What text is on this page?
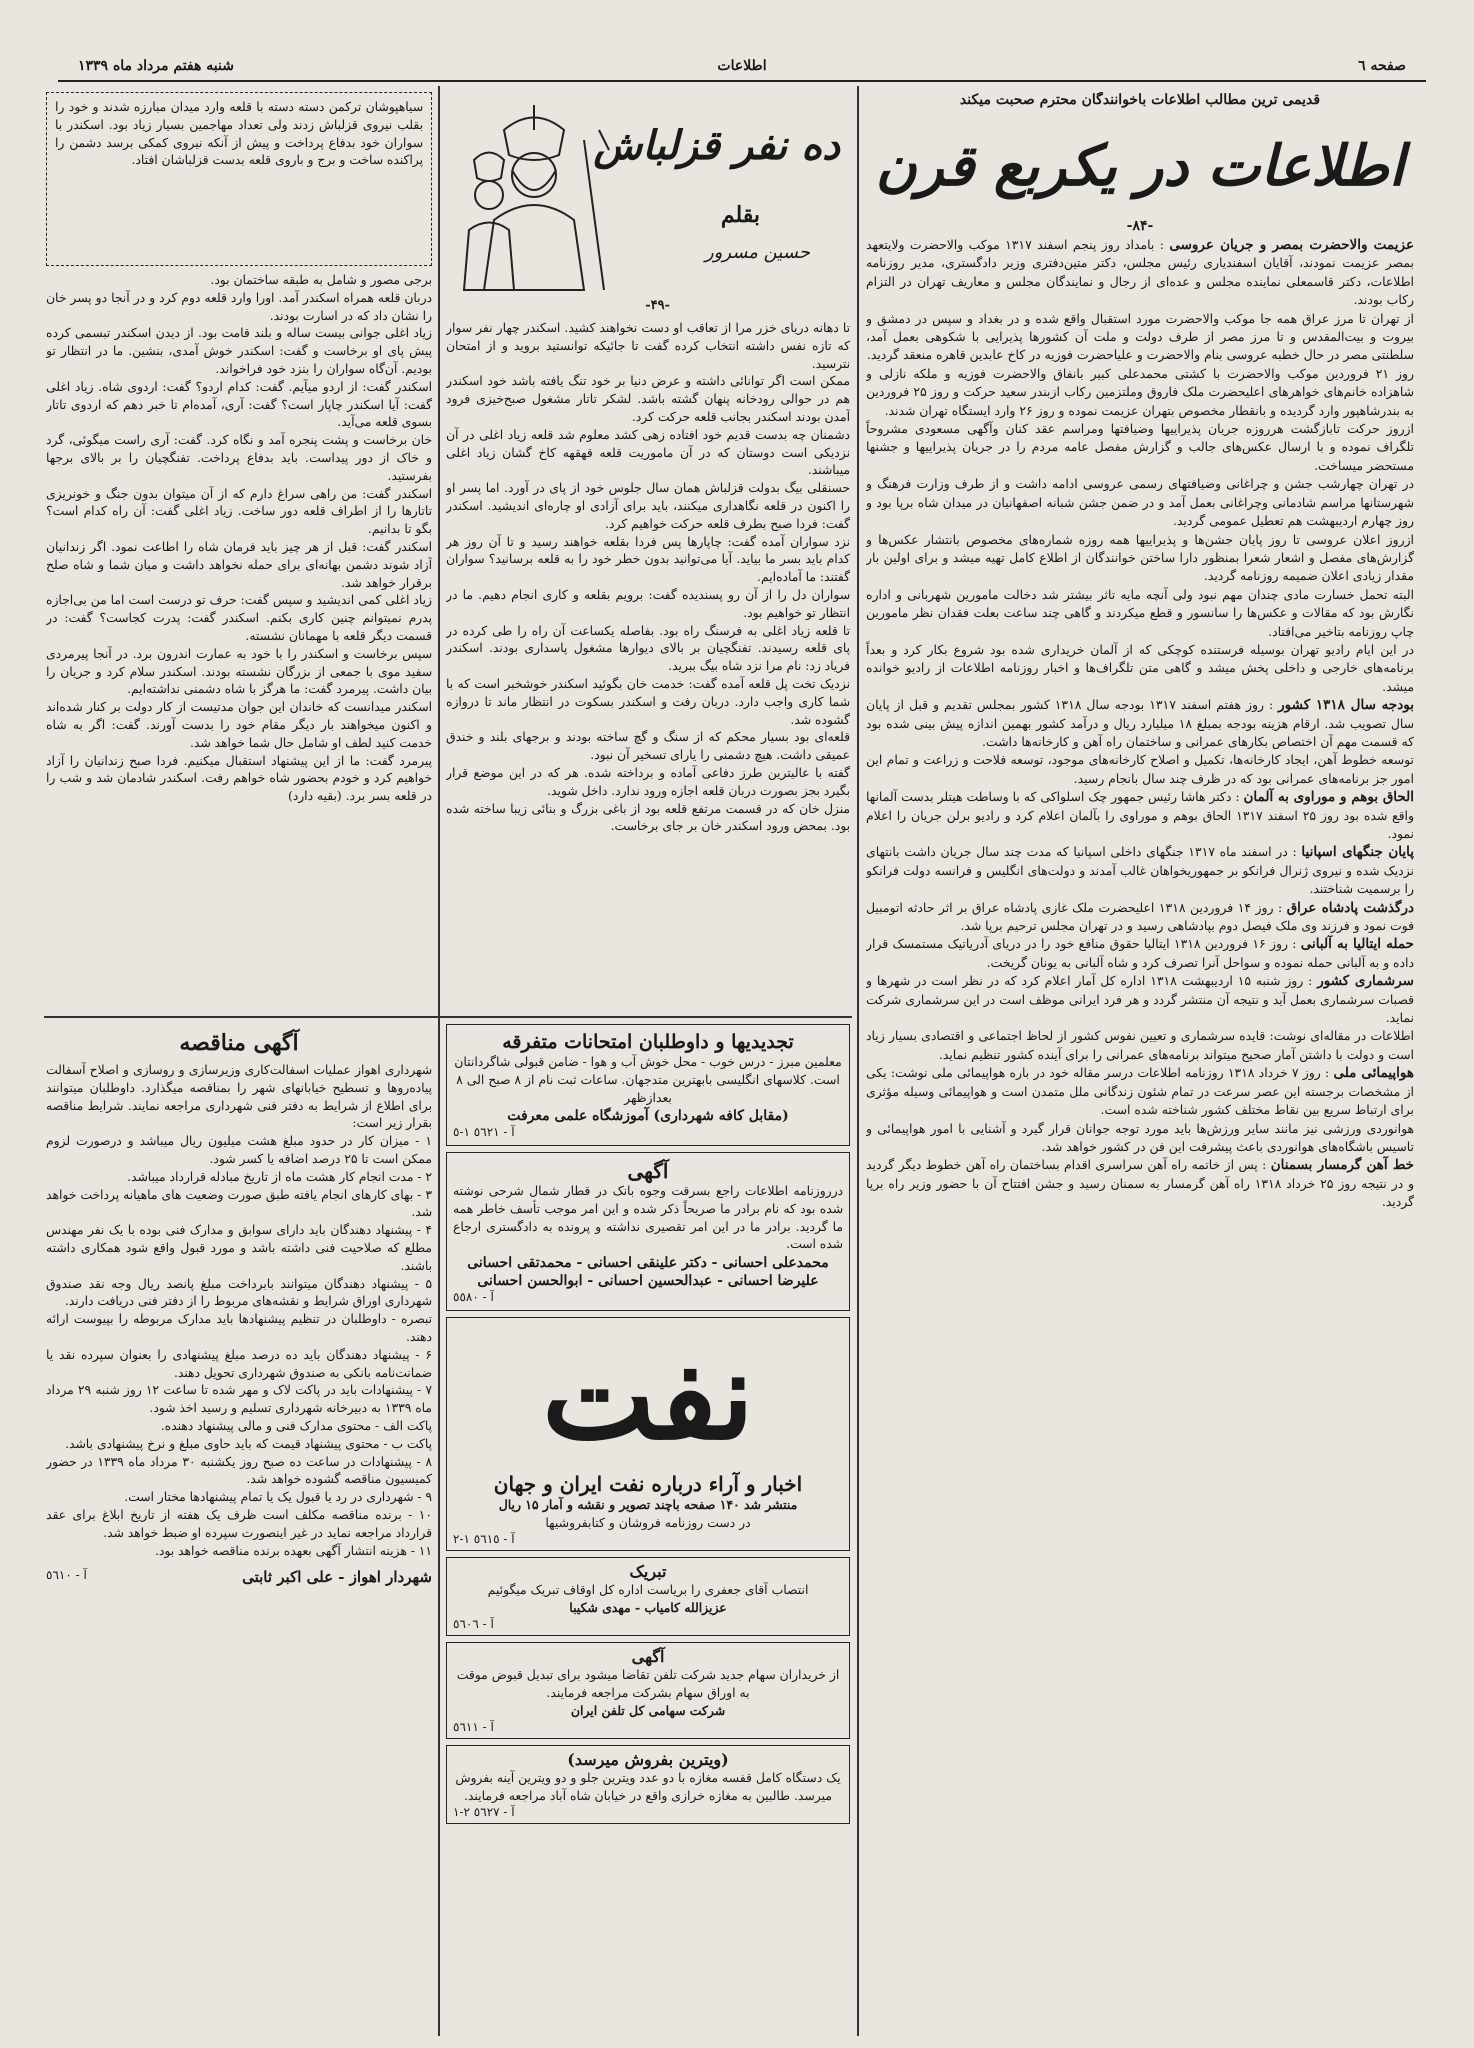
صفحه ٦
اطلاعات
شنبه هفتم مرداد ماه ۱۳۳۹
قدیمی ترین مطالب اطلاعات باخوانندگان محترم صحبت میکند
اطلاعات در یکربع قرن
-۸۴-

عزیمت والاحضرت بمصر و جریان عروسی : بامداد روز پنجم اسفند ۱۳۱۷ موکب والاحضرت ولایتعهد بمصر عزیمت نمودند، آقایان اسفندیاری رئیس مجلس، دکتر متین‌دفتری وزیر دادگستری، مدیر روزنامه اطلاعات، دکتر قاسمعلی نماینده مجلس و عده‌ای از رجال و نمایندگان مجلس و معاریف تهران در التزام رکاب بودند.

از تهران تا مرز عراق همه جا موکب والاحضرت مورد استقبال واقع شده و در بغداد و سپس در دمشق و بیروت و بیت‌المقدس و تا مرز مصر از طرف دولت و ملت آن کشورها پذیرایی با شکوهی بعمل آمد، سلطنتی مصر در حال خطبه عروسی بنام والاحضرت و علیاحضرت فوزیه در کاخ عابدین قاهره منعقد گردید.

روز ۲۱ فروردین موکب والاحضرت با کشتی محمدعلی کبیر بانفاق والاحضرت فوزیه و ملکه نازلی و شاهزاده خانم‌های خواهرهای اعلیحضرت ملک فاروق وملتزمین رکاب ازبندر سعید حرکت و روز ۲۵ فروردین به بندرشاهپور وارد گردیده و بانقطار مخصوص بتهران عزیمت نموده و روز ۲۶ وارد ایستگاه تهران شدند.

ازروز حرکت تابازگشت هرروزه جریان پذیراییها وضیافتها ومراسم عقد کنان وآگهی مسعودی مشروحاً تلگراف نموده و با ارسال عکس‌های جالب و گزارش مفصل عامه مردم را در جریان پذیراییها و جشنها مستحضر میساخت.

در تهران چهارشب جشن و چراغانی وضیافتهای رسمی عروسی ادامه داشت و از طرف وزارت فرهنگ و شهرستانها مراسم شادمانی وچراغانی بعمل آمد و در ضمن جشن شبانه اصفهانیان در میدان شاه برپا بود و روز چهارم اردیبهشت هم تعطیل عمومی گردید.

ازروز اعلان عروسی تا روز پایان جشن‌ها و پذیراییها همه روزه شماره‌های مخصوص بانتشار عکس‌ها و گزارش‌های مفصل و اشعار شعرا بمنظور دارا ساختن خوانندگان از اطلاع کامل تهیه میشد و برای اولین بار مقدار زیادی اعلان ضمیمه روزنامه گردید.

البته تحمل خسارت مادی چندان مهم نبود ولی آنچه مایه تاثر بیشتر شد دخالت مامورین شهربانی و اداره نگارش بود که مقالات و عکس‌ها را سانسور و قطع میکردند و گاهی چند ساعت بعلت فقدان نظر مامورین چاپ روزنامه بتاخیر می‌افتاد.

در این ایام رادیو تهران بوسیله فرستنده کوچکی که از آلمان خریداری شده بود شروع بکار کرد و بعداً برنامه‌های خارجی و داخلی پخش میشد و گاهی متن تلگراف‌ها و اخبار روزنامه اطلاعات از رادیو خوانده میشد.

بودجه سال ۱۳۱۸ کشور : روز هفتم اسفند ۱۳۱۷ بودجه سال ۱۳۱۸ کشور بمجلس تقدیم و قبل از پایان سال تصویب شد. ارقام هزینه بودجه بمبلغ ۱۸ میلیارد ریال و درآمد کشور بهمین اندازه پیش بینی شده بود که قسمت مهم آن اختصاص بکارهای عمرانی و ساختمان راه آهن و کارخانه‌ها داشت.

توسعه خطوط آهن، ایجاد کارخانه‌ها، تکمیل و اصلاح کارخانه‌های موجود، توسعه فلاحت و زراعت و تمام این امور جز برنامه‌های عمرانی بود که در ظرف چند سال بانجام رسید.

الحاق بوهم و موراوی به آلمان : دکتر هاشا رئیس جمهور چک اسلواکی که با وساطت هیتلر بدست آلمانها واقع شده بود روز ۲۵ اسفند ۱۳۱۷ الحاق بوهم و موراوی را بآلمان اعلام کرد و رادیو برلن جریان را اعلام نمود.

پایان جنگهای اسپانیا : در اسفند ماه ۱۳۱۷ جنگهای داخلی اسپانیا که مدت چند سال جریان داشت بانتهای نزدیک شده و نیروی ژنرال فرانکو بر جمهوریخواهان غالب آمدند و دولت‌های انگلیس و فرانسه دولت فرانکو را برسمیت شناختند.

درگذشت پادشاه عراق : روز ۱۴ فروردین ۱۳۱۸ اعلیحضرت ملک غازی پادشاه عراق بر اثر حادثه اتومبیل فوت نمود و فرزند وی ملک فیصل دوم بپادشاهی رسید و در تهران مجلس ترحیم برپا شد.

حمله ایتالیا به آلبانی : روز ۱۶ فروردین ۱۳۱۸ ایتالیا حقوق منافع خود را در دریای آدریاتیک مستمسک قرار داده و به آلبانی حمله نموده و سواحل آنرا تصرف کرد و شاه آلبانی به یونان گریخت.

سرشماری کشور : روز شنبه ۱۵ اردیبهشت ۱۳۱۸ اداره کل آمار اعلام کرد که در نظر است در شهرها و قصبات سرشماری بعمل آید و نتیجه آن منتشر گردد و هر فرد ایرانی موظف است در این سرشماری شرکت نماید.

اطلاعات در مقاله‌ای نوشت: قایده سرشماری و تعیین نفوس کشور از لحاظ اجتماعی و اقتصادی بسیار زیاد است و دولت با داشتن آمار صحیح میتواند برنامه‌های عمرانی را برای آینده کشور تنظیم نماید.

هواپیمائی ملی : روز ۷ خرداد ۱۳۱۸ روزنامه اطلاعات درسر مقاله خود در باره هواپیمائی ملی نوشت: یکی از مشخصات برجسته این عصر سرعت در تمام شئون زندگانی ملل متمدن است و هواپیمائی وسیله مؤثری برای ارتباط سریع بین نقاط مختلف کشور شناخته شده است.

هوانوردی ورزشی نیز مانند سایر ورزش‌ها باید مورد توجه جوانان قرار گیرد و آشنایی با امور هواپیمائی و تاسیس باشگاه‌های هوانوردی باعث پیشرفت این فن در کشور خواهد شد.

خط آهن گرمسار بسمنان : پس از خاتمه راه آهن سراسری اقدام بساختمان راه آهن خطوط دیگر گردید و در نتیجه روز ۲۵ خرداد ۱۳۱۸ راه آهن گرمسار به سمنان رسید و جشن افتتاح آن با حضور وزیر راه برپا گردید.

ده نفر قزلباش
بقلم
حسین مسرور
-۴۹-

تا دهانه دریای خزر مرا از تعاقب او دست نخواهند کشید. اسکندر چهار نفر سوار که تازه نفس داشته انتخاب کرده گفت تا جائیکه توانستید بروید و از امتحان نترسید.

ممکن است اگر توانائی داشته و عرض دنیا بر خود تنگ یافته باشد خود اسکندر هم در حوالی رودخانه پنهان گشته باشد. لشکر تاتار مشغول صبح‌خیزی فرود آمدن بودند اسکندر بجانب قلعه حرکت کرد.

دشمنان چه بدست قدیم خود افتاده زهی کشد معلوم شد قلعه زیاد اغلی در آن نزدیکی است دوستان که در آن ماموریت قلعه قهقهه کاخ گشان زیاد اغلی میباشند.

حسنقلی بیگ بدولت قزلباش همان سال جلوس خود از پای در آورد. اما پسر او را اکنون در قلعه نگاهداری میکنند، باید برای آزادی او چاره‌ای اندیشید. اسکندر گفت: فردا صبح بطرف قلعه حرکت خواهیم کرد.

نزد سواران آمده گفت: چاپارها پس فردا بقلعه خواهند رسید و تا آن روز هر کدام باید بسر ما بیاید. آیا می‌توانید بدون خطر خود را به قلعه برسانید؟ سواران گفتند: ما آماده‌ایم.

سواران دل را از آن رو پسندیده گفت: برویم بقلعه و کاری انجام دهیم. ما در انتظار تو خواهیم بود.

تا قلعه زیاد اغلی به فرسنگ راه بود. بفاصله یکساعت آن راه را طی کرده در پای قلعه رسیدند. تفنگچیان بر بالای دیوارها مشغول پاسداری بودند. اسکندر فریاد زد: نام مرا نزد شاه بیگ ببرید.

نزدیک تخت پل قلعه آمده گفت: خدمت خان بگوئید اسکندر خوشخبر است که با شما کاری واجب دارد. دربان رفت و اسکندر بسکوت در انتظار ماند تا دروازه گشوده شد.

قلعه‌ای بود بسیار محکم که از سنگ و گچ ساخته بودند و برجهای بلند و خندق عمیقی داشت. هیچ دشمنی را یارای تسخیر آن نبود.

گفته با عالیترین طرز دفاعی آماده و برداخته شده. هر که در این موضع قرار بگیرد بجز بصورت دربان قلعه اجازه ورود ندارد. داخل شوید.

منزل خان که در قسمت مرتفع قلعه بود از باغی بزرگ و بنائی زیبا ساخته شده بود. بمحض ورود اسکندر خان بر جای برخاست.

سیاهپوشان ترکمن دسته دسته با قلعه وارد میدان مبارزه شدند و خود را بقلب نیروی قزلباش زدند ولی تعداد مهاجمین بسیار زیاد بود. اسکندر با سواران خود بدفاع پرداخت و پیش از آنکه نیروی کمکی برسد دشمن را پراکنده ساخت و برج و باروی قلعه بدست قزلباشان افتاد.

برجی مصور و شامل به طبقه ساختمان بود.

دربان قلعه همراه اسکندر آمد. اورا وارد قلعه دوم کرد و در آنجا دو پسر خان را نشان داد که در اسارت بودند.

زیاد اغلی جوانی بیست ساله و بلند قامت بود. از دیدن اسکندر تبسمی کرده پیش پای او برخاست و گفت: اسکندر خوش آمدی، بنشین. ما در انتظار تو بودیم. آن‌گاه سواران را بنزد خود فراخواند.

اسکندر گفت: از اردو میآیم. گفت: کدام اردو؟ گفت: اردوی شاه. زیاد اغلی گفت: آیا اسکندر چاپار است؟ گفت: آری، آمده‌ام تا خبر دهم که اردوی تاتار بسوی قلعه می‌آید.

خان برخاست و پشت پنجره آمد و نگاه کرد. گفت: آری راست میگوئی، گرد و خاک از دور پیداست. باید بدفاع پرداخت. تفنگچیان را بر بالای برجها بفرستید.

اسکندر گفت: من راهی سراغ دارم که از آن میتوان بدون جنگ و خونریزی تاتارها را از اطراف قلعه دور ساخت. زیاد اغلی گفت: آن راه کدام است؟ بگو تا بدانیم.

اسکندر گفت: قبل از هر چیز باید فرمان شاه را اطاعت نمود. اگر زندانیان آزاد شوند دشمن بهانه‌ای برای حمله نخواهد داشت و میان شما و شاه صلح برقرار خواهد شد.

زیاد اغلی کمی اندیشید و سپس گفت: حرف تو درست است اما من بی‌اجازه پدرم نمیتوانم چنین کاری بکنم. اسکندر گفت: پدرت کجاست؟ گفت: در قسمت دیگر قلعه با مهمانان نشسته.

سپس برخاست و اسکندر را با خود به عمارت اندرون برد. در آنجا پیرمردی سفید موی با جمعی از بزرگان نشسته بودند. اسکندر سلام کرد و جریان را بیان داشت. پیرمرد گفت: ما هرگز با شاه دشمنی نداشته‌ایم.

اسکندر میدانست که خاندان این جوان مدتیست از کار دولت بر کنار شده‌اند و اکنون میخواهند بار دیگر مقام خود را بدست آورند. گفت: اگر به شاه خدمت کنید لطف او شامل حال شما خواهد شد.

پیرمرد گفت: ما از این پیشنهاد استقبال میکنیم. فردا صبح زندانیان را آزاد خواهیم کرد و خودم بحضور شاه خواهم رفت. اسکندر شادمان شد و شب را در قلعه بسر برد. (بقیه دارد)

تجدیدیها و داوطلبان امتحانات متفرقه
معلمین مبرز - درس خوب - محل خوش آب و هوا - ضامن قبولی شاگردانتان است. کلاسهای انگلیسی بابهترین متدجهان. ساعات ثبت نام از ۸ صبح الی ۸ بعدازظهر
(مقابل کافه شهرداری) آموزشگاه علمی معرفت
آ - ٥٦٢١ ١-٥
آگهی
درروزنامه اطلاعات راجع بسرقت وجوه بانک در قطار شمال شرحی نوشته شده بود که نام برادر ما صریحاً ذکر شده و این امر موجب تأسف خاطر همه ما گردید. برادر ما در این امر تقصیری نداشته و پرونده به دادگستری ارجاع شده است.
محمدعلی احسانی - دکتر علینقی احسانی - محمدتقی احسانی
علیرضا احسانی - عبدالحسین احسانی - ابوالحسن احسانی
آ - ٥٥٨٠
نفت
اخبار و آراء درباره نفت ایران و جهان
منتشر شد ۱۴۰ صفحه باچند تصویر و نقشه و آمار ۱۵ ریال
در دست روزنامه فروشان و کتابفروشیها
آ - ٥٦١٥ ١-٢
تبریک
انتصاب آقای جعفری را بریاست اداره کل اوقاف تبریک میگوئیم
عزیزالله کامیاب - مهدی شکیبا
آ - ٥٦٠٦
آگهی
از خریداران سهام جدید شرکت تلفن تقاضا میشود برای تبدیل قبوض موقت به اوراق سهام بشرکت مراجعه فرمایند.
شرکت سهامی کل تلفن ایران
آ - ٥٦١١
(ویترین بفروش میرسد)
یک دستگاه کامل قفسه مغازه با دو عدد ویترین جلو و دو ویترین آینه بفروش میرسد. طالبین به مغازه خرازی واقع در خیابان شاه آباد مراجعه فرمایند.
آ - ٥٦٢٧ ٢-١
آگهی مناقصه

شهرداری اهواز عملیات اسفالت‌کاری وزیرسازی و روسازی و اصلاح آسفالت پیاده‌روها و تسطیح خیابانهای شهر را بمناقصه میگذارد. داوطلبان میتوانند برای اطلاع از شرایط به دفتر فنی شهرداری مراجعه نمایند. شرایط مناقصه بقرار زیر است:

۱ - میزان کار در حدود مبلغ هشت میلیون ریال میباشد و درصورت لزوم ممکن است تا ۲۵ درصد اضافه یا کسر شود.

۲ - مدت انجام کار هشت ماه از تاریخ مبادله قرارداد میباشد.

۳ - بهای کارهای انجام یافته طبق صورت وضعیت های ماهیانه پرداخت خواهد شد.

۴ - پیشنهاد دهندگان باید دارای سوابق و مدارک فنی بوده با یک نفر مهندس مطلع که صلاحیت فنی داشته باشد و مورد قبول واقع شود همکاری داشته باشند.

۵ - پیشنهاد دهندگان میتوانند بابرداخت مبلغ پانصد ریال وجه نقد صندوق شهرداری اوراق شرایط و نقشه‌های مربوط را از دفتر فنی دریافت دارند.

تبصره - داوطلبان در تنظیم پیشنهادها باید مدارک مربوطه را بپیوست ارائه دهند.

۶ - پیشنهاد دهندگان باید ده درصد مبلغ پیشنهادی را بعنوان سپرده نقد یا ضمانت‌نامه بانکی به صندوق شهرداری تحویل دهند.

۷ - پیشنهادات باید در پاکت لاک و مهر شده تا ساعت ۱۲ روز شنبه ۲۹ مرداد ماه ۱۳۳۹ به دبیرخانه شهرداری تسلیم و رسید اخذ شود.

پاکت الف - محتوی مدارک فنی و مالی پیشنهاد دهنده.

پاکت ب - محتوی پیشنهاد قیمت که باید حاوی مبلغ و نرخ پیشنهادی باشد.

۸ - پیشنهادات در ساعت ده صبح روز یکشنبه ۳۰ مرداد ماه ۱۳۳۹ در حضور کمیسیون مناقصه گشوده خواهد شد.

۹ - شهرداری در رد یا قبول یک یا تمام پیشنهادها مختار است.

۱۰ - برنده مناقصه مکلف است ظرف یک هفته از تاریخ ابلاغ برای عقد قرارداد مراجعه نماید در غیر اینصورت سپرده او ضبط خواهد شد.

۱۱ - هزینه انتشار آگهی بعهده برنده مناقصه خواهد بود.

شهردار اهواز - علی اکبر ثابتی
آ - ٥٦١٠
